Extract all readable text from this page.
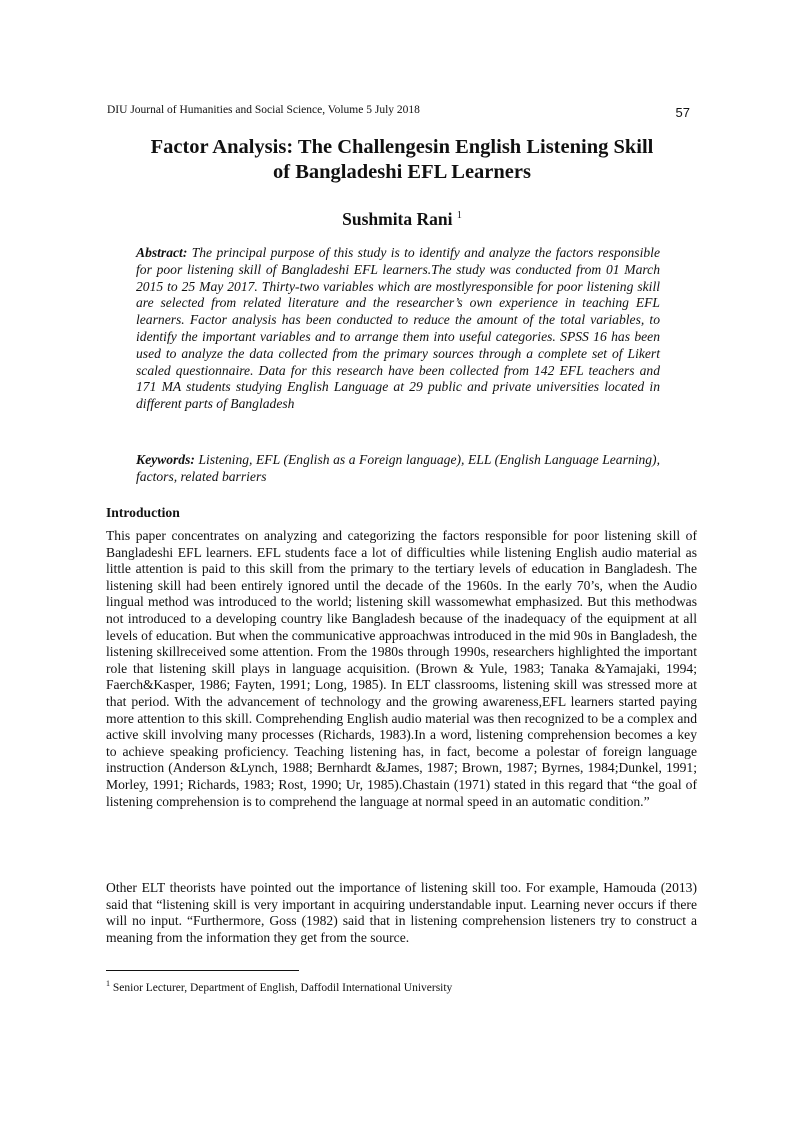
DIU Journal of Humanities and Social Science, Volume 5 July 2018	57
Factor Analysis: The Challengesin English Listening Skill
of Bangladeshi EFL Learners
Sushmita Rani $^1$

Abstract: The principal purpose of this study is to identify and analyze the factors responsible for poor listening skill of Bangladeshi EFL learners.The study was conducted from 01 March 2015 to 25 May 2017. Thirty-two variables which are mostlyresponsible for poor listening skill are selected from related literature and the researcher’s own experience in teaching EFL learners. Factor analysis has been conducted to reduce the amount of the total variables, to identify the important variables and to arrange them into useful categories. SPSS 16 has been used to analyze the data collected from the primary sources through a complete set of Likert scaled questionnaire. Data for this research have been collected from 142 EFL teachers and 171 MA students studying English Language at 29 public and private universities located in different parts of Bangladesh

Keywords: Listening, EFL (English as a Foreign language), ELL (English Language Learning), factors, related barriers

Introduction

This paper concentrates on analyzing and categorizing the factors responsible for poor listening skill of Bangladeshi EFL learners. EFL students face a lot of difficulties while listening English audio material as little attention is paid to this skill from the primary to the tertiary levels of education in Bangladesh. The listening skill had been entirely ignored until the decade of the 1960s. In the early 70’s, when the Audio lingual method was introduced to the world; listening skill wassomewhat emphasized. But this methodwas not introduced to a developing country like Bangladesh because of the inadequacy of the equipment at all levels of education. But when the communicative approachwas introduced in the mid 90s in Bangladesh, the listening skillreceived some attention. From the 1980s through 1990s, researchers highlighted the important role that listening skill plays in language acquisition. (Brown & Yule, 1983; Tanaka &Yamajaki, 1994; Faerch&Kasper, 1986; Fayten, 1991; Long, 1985). In ELT classrooms, listening skill was stressed more at that period. With the advancement of technology and the growing awareness,EFL learners started paying more attention to this skill. Comprehending English audio material was then recognized to be a complex and active skill involving many processes (Richards, 1983).In a word, listening comprehension becomes a key to achieve speaking proficiency. Teaching listening has, in fact, become a polestar of foreign language instruction (Anderson &Lynch, 1988; Bernhardt &James, 1987; Brown, 1987; Byrnes, 1984;Dunkel, 1991; Morley, 1991; Richards, 1983; Rost, 1990; Ur, 1985).Chastain (1971) stated in this regard that “the goal of listening comprehension is to comprehend the language at normal speed in an automatic condition.”

Other ELT theorists have pointed out the importance of listening skill too. For example, Hamouda (2013) said that “listening skill is very important in acquiring understandable input. Learning never occurs if there will no input. “Furthermore, Goss (1982) said that in listening comprehension listeners try to construct a meaning from the information they get from the source.

$^1$ Senior Lecturer, Department of English, Daffodil International University
